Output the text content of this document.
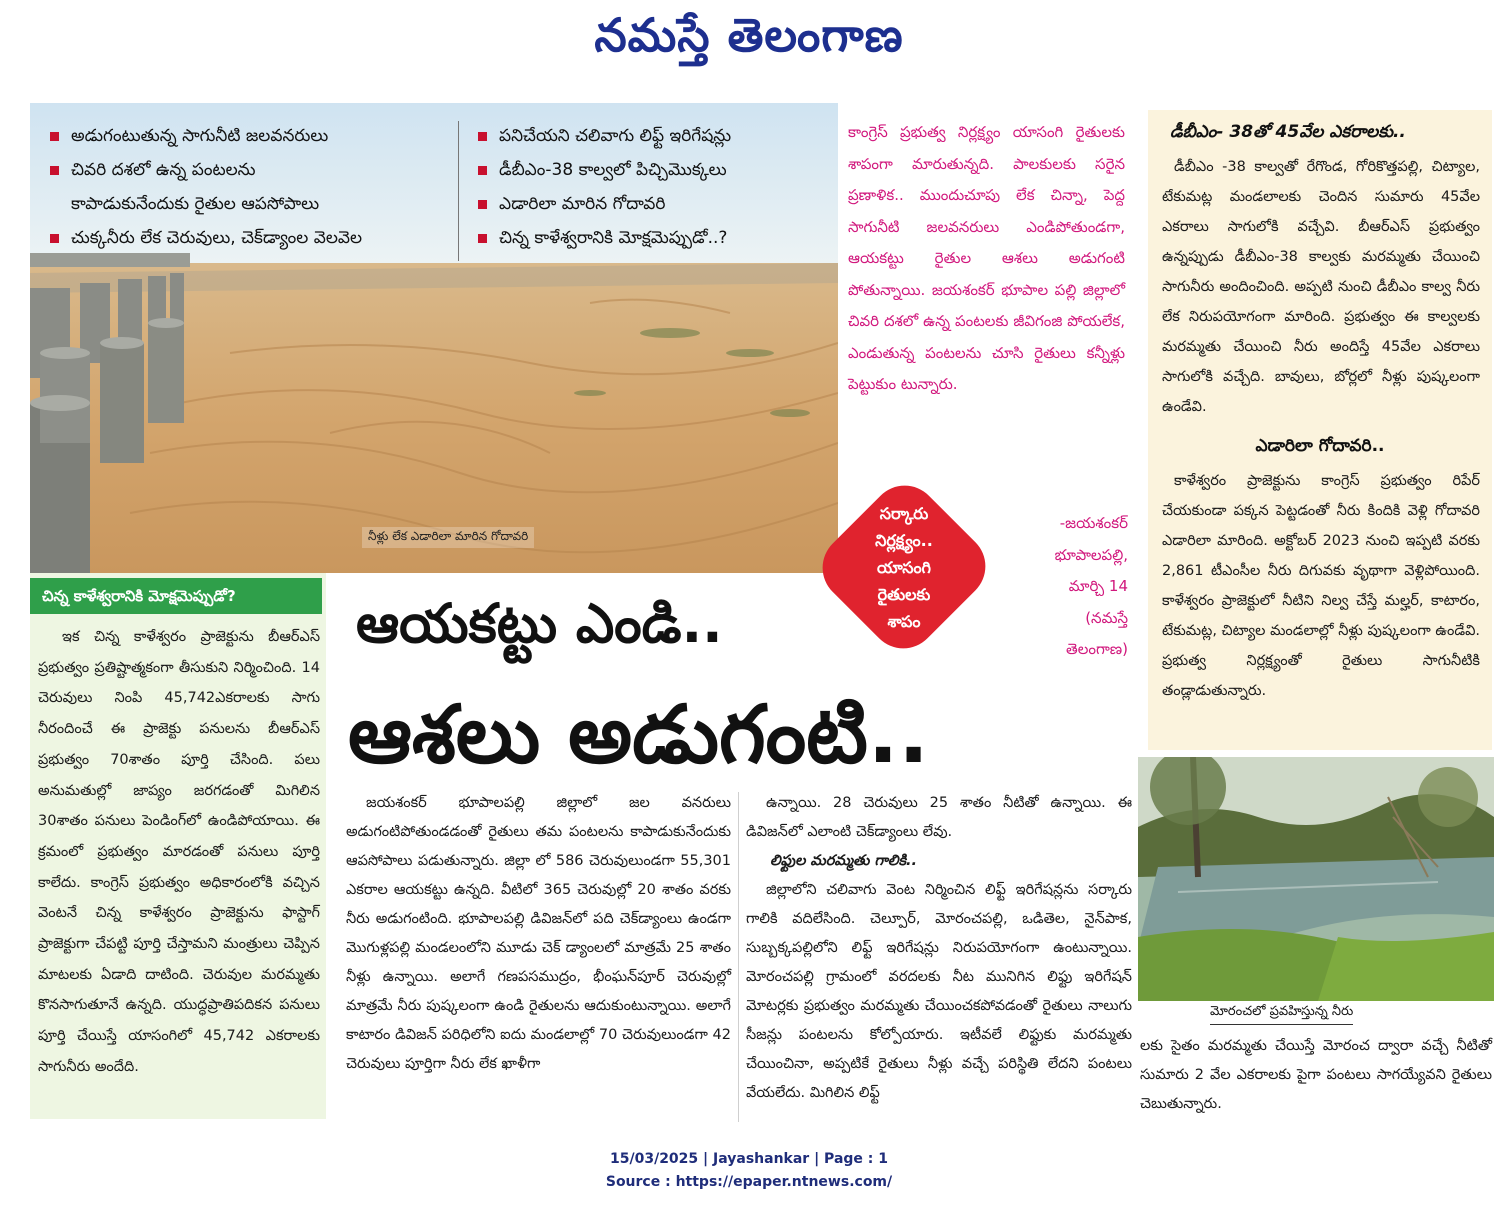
నమస్తే తెలంగాణ
అడుగంటుతున్న సాగునీటి జలవనరులు
చివరి దశలో ఉన్న పంటలను
కాపాడుకునేందుకు రైతుల ఆపసోపాలు
చుక్కనీరు లేక చెరువులు, చెక్‌డ్యాంల వెలవెల
పనిచేయని చలివాగు లిఫ్ట్ ఇరిగేషన్లు
డీబీఎం-38 కాల్వలో పిచ్చిమొక్కలు
ఎడారిలా మారిన గోదావరి
చిన్న కాళేశ్వరానికి మోక్షమెప్పుడో..?
నీళ్లు లేక ఎడారిలా మారిన గోదావరి

కాంగ్రెస్ ప్రభుత్వ నిర్లక్ష్యం యాసంగి రైతులకు శాపంగా మారుతున్నది. పాలకులకు సరైన ప్రణాళిక.. ముందుచూపు లేక చిన్నా, పెద్ద సాగునీటి జలవనరులు ఎండిపోతుండగా, ఆయకట్టు రైతుల ఆశలు అడుగంటి పోతున్నాయి. జయశంకర్ భూపాల పల్లి జిల్లాలో చివరి దశలో ఉన్న పంటలకు జీవిగంజి పోయలేక, ఎండుతున్న పంటలను చూసి రైతులు కన్నీళ్లు పెట్టుకుం టున్నారు.

-జయశంకర్
భూపాలపల్లి,
మార్చి 14
(నమస్తే
తెలంగాణ)
సర్కారు
నిర్లక్ష్యం..
యాసంగి
రైతులకు
శాపం
డీబీఎం- 38తో 45వేల ఎకరాలకు..

డీబీఎం -38 కాల్వతో రేగొండ, గోరికొత్తపల్లి, చిట్యాల, టేకుమట్ల మండలాలకు చెందిన సుమారు 45వేల ఎకరాలు సాగులోకి వచ్చేవి. బీఆర్‌ఎస్ ప్రభుత్వం ఉన్నప్పుడు డీబీఎం-38 కాల్వకు మరమ్మతు చేయించి సాగునీరు అందించింది. అప్పటి నుంచి డీబీఎం కాల్వ నీరు లేక నిరుపయోగంగా మారింది. ప్రభుత్వం ఈ కాల్వలకు మరమ్మతు చేయించి నీరు అందిస్తే 45వేల ఎకరాలు సాగులోకి వచ్చేది. బావులు, బోర్లలో నీళ్లు పుష్కలంగా ఉండేవి.

ఎడారిలా గోదావరి..

కాళేశ్వరం ప్రాజెక్టును కాంగ్రెస్ ప్రభుత్వం రిపేర్ చేయకుండా పక్కన పెట్టడంతో నీరు కిందికి వెళ్లి గోదావరి ఎడారిలా మారింది. అక్టోబర్ 2023 నుంచి ఇప్పటి వరకు 2,861 టీఎంసీల నీరు దిగువకు వృథాగా వెళ్లిపోయింది. కాళేశ్వరం ప్రాజెక్టులో నీటిని నిల్వ చేస్తే మల్హర్, కాటారం, టేకుమట్ల, చిట్యాల మండలాల్లో నీళ్లు పుష్కలంగా ఉండేవి. ప్రభుత్వ నిర్లక్ష్యంతో రైతులు సాగునీటికి తండ్లాడుతున్నారు.

చిన్న కాళేశ్వరానికి మోక్షమెప్పుడో?

ఇక చిన్న కాళేశ్వరం ప్రాజెక్టును బీఆర్‌ఎస్ ప్రభుత్వం ప్రతిష్టాత్మకంగా తీసుకుని నిర్మించింది. 14 చెరువులు నింపి 45,742ఎకరాలకు సాగు నీరందించే ఈ ప్రాజెక్టు పనులను బీఆర్‌ఎస్ ప్రభుత్వం 70శాతం పూర్తి చేసింది. పలు అనుమతుల్లో జాప్యం జరగడంతో మిగిలిన 30శాతం పనులు పెండింగ్‌లో ఉండిపోయాయి. ఈ క్రమంలో ప్రభుత్వం మారడంతో పనులు పూర్తి కాలేదు. కాంగ్రెస్ ప్రభుత్వం అధికారంలోకి వచ్చిన వెంటనే చిన్న కాళేశ్వరం ప్రాజెక్టును ఫాస్టాగ్ ప్రాజెక్టుగా చేపట్టి పూర్తి చేస్తామని మంత్రులు చెప్పిన మాటలకు ఏడాది దాటింది. చెరువుల మరమ్మతు కొనసాగుతూనే ఉన్నది. యుద్ధప్రాతిపదికన పనులు పూర్తి చేయిస్తే యాసంగిలో 45,742 ఎకరాలకు సాగునీరు అందేది.

ఆయకట్టు ఎండి..
ఆశలు అడుగంటి..

జయశంకర్ భూపాలపల్లి జిల్లాలో జల వనరులు అడుగంటిపోతుండడంతో రైతులు తమ పంటలను కాపాడుకునేందుకు ఆపసోపాలు పడుతున్నారు. జిల్లా లో 586 చెరువులుండగా 55,301 ఎకరాల ఆయకట్టు ఉన్నది. వీటిలో 365 చెరువుల్లో 20 శాతం వరకు నీరు అడుగంటింది. భూపాలపల్లి డివిజన్‌లో పది చెక్‌డ్యాంలు ఉండగా మొగుళ్లపల్లి మండలంలోని మూడు చెక్ డ్యాంలలో మాత్రమే 25 శాతం నీళ్లు ఉన్నాయి. అలాగే గణపసముద్రం, భీంఘన్‌పూర్ చెరువుల్లో మాత్రమే నీరు పుష్కలంగా ఉండి రైతులను ఆదుకుంటున్నాయి. అలాగే కాటారం డివిజన్ పరిధిలోని ఐదు మండలాల్లో 70 చెరువులుండగా 42 చెరువులు పూర్తిగా నీరు లేక ఖాళీగా

ఉన్నాయి. 28 చెరువులు 25 శాతం నీటితో ఉన్నాయి. ఈ డివిజన్‌లో ఎలాంటి చెక్‌డ్యాంలు లేవు.

లిఫ్టుల మరమ్మతు గాలికి..

జిల్లాలోని చలివాగు వెంట నిర్మించిన లిఫ్ట్ ఇరిగేషన్లను సర్కారు గాలికి వదిలేసింది. చెల్పూర్, మోరంచపల్లి, ఒడితెల, నైన్‌పాక, సుబ్బక్కపల్లిలోని లిఫ్ట్ ఇరిగేషన్లు నిరుపయోగంగా ఉంటున్నాయి. మోరంచపల్లి గ్రామంలో వరదలకు నీట మునిగిన లిఫ్టు ఇరిగేషన్ మోటర్లకు ప్రభుత్వం మరమ్మతు చేయించకపోవడంతో రైతులు నాలుగు సీజన్లు పంటలను కోల్పోయారు. ఇటీవలే లిఫ్టుకు మరమ్మతు చేయించినా, అప్పటికే రైతులు నీళ్లు వచ్చే పరిస్థితి లేదని పంటలు వేయలేదు. మిగిలిన లిఫ్ట్

మోరంచలో ప్రవహిస్తున్న నీరు

లకు సైతం మరమ్మతు చేయిస్తే మోరంచ ద్వారా వచ్చే నీటితో సుమారు 2 వేల ఎకరాలకు పైగా పంటలు సాగయ్యేవని రైతులు చెబుతున్నారు.

15/03/2025 | Jayashankar | Page : 1
Source : https://epaper.ntnews.com/
